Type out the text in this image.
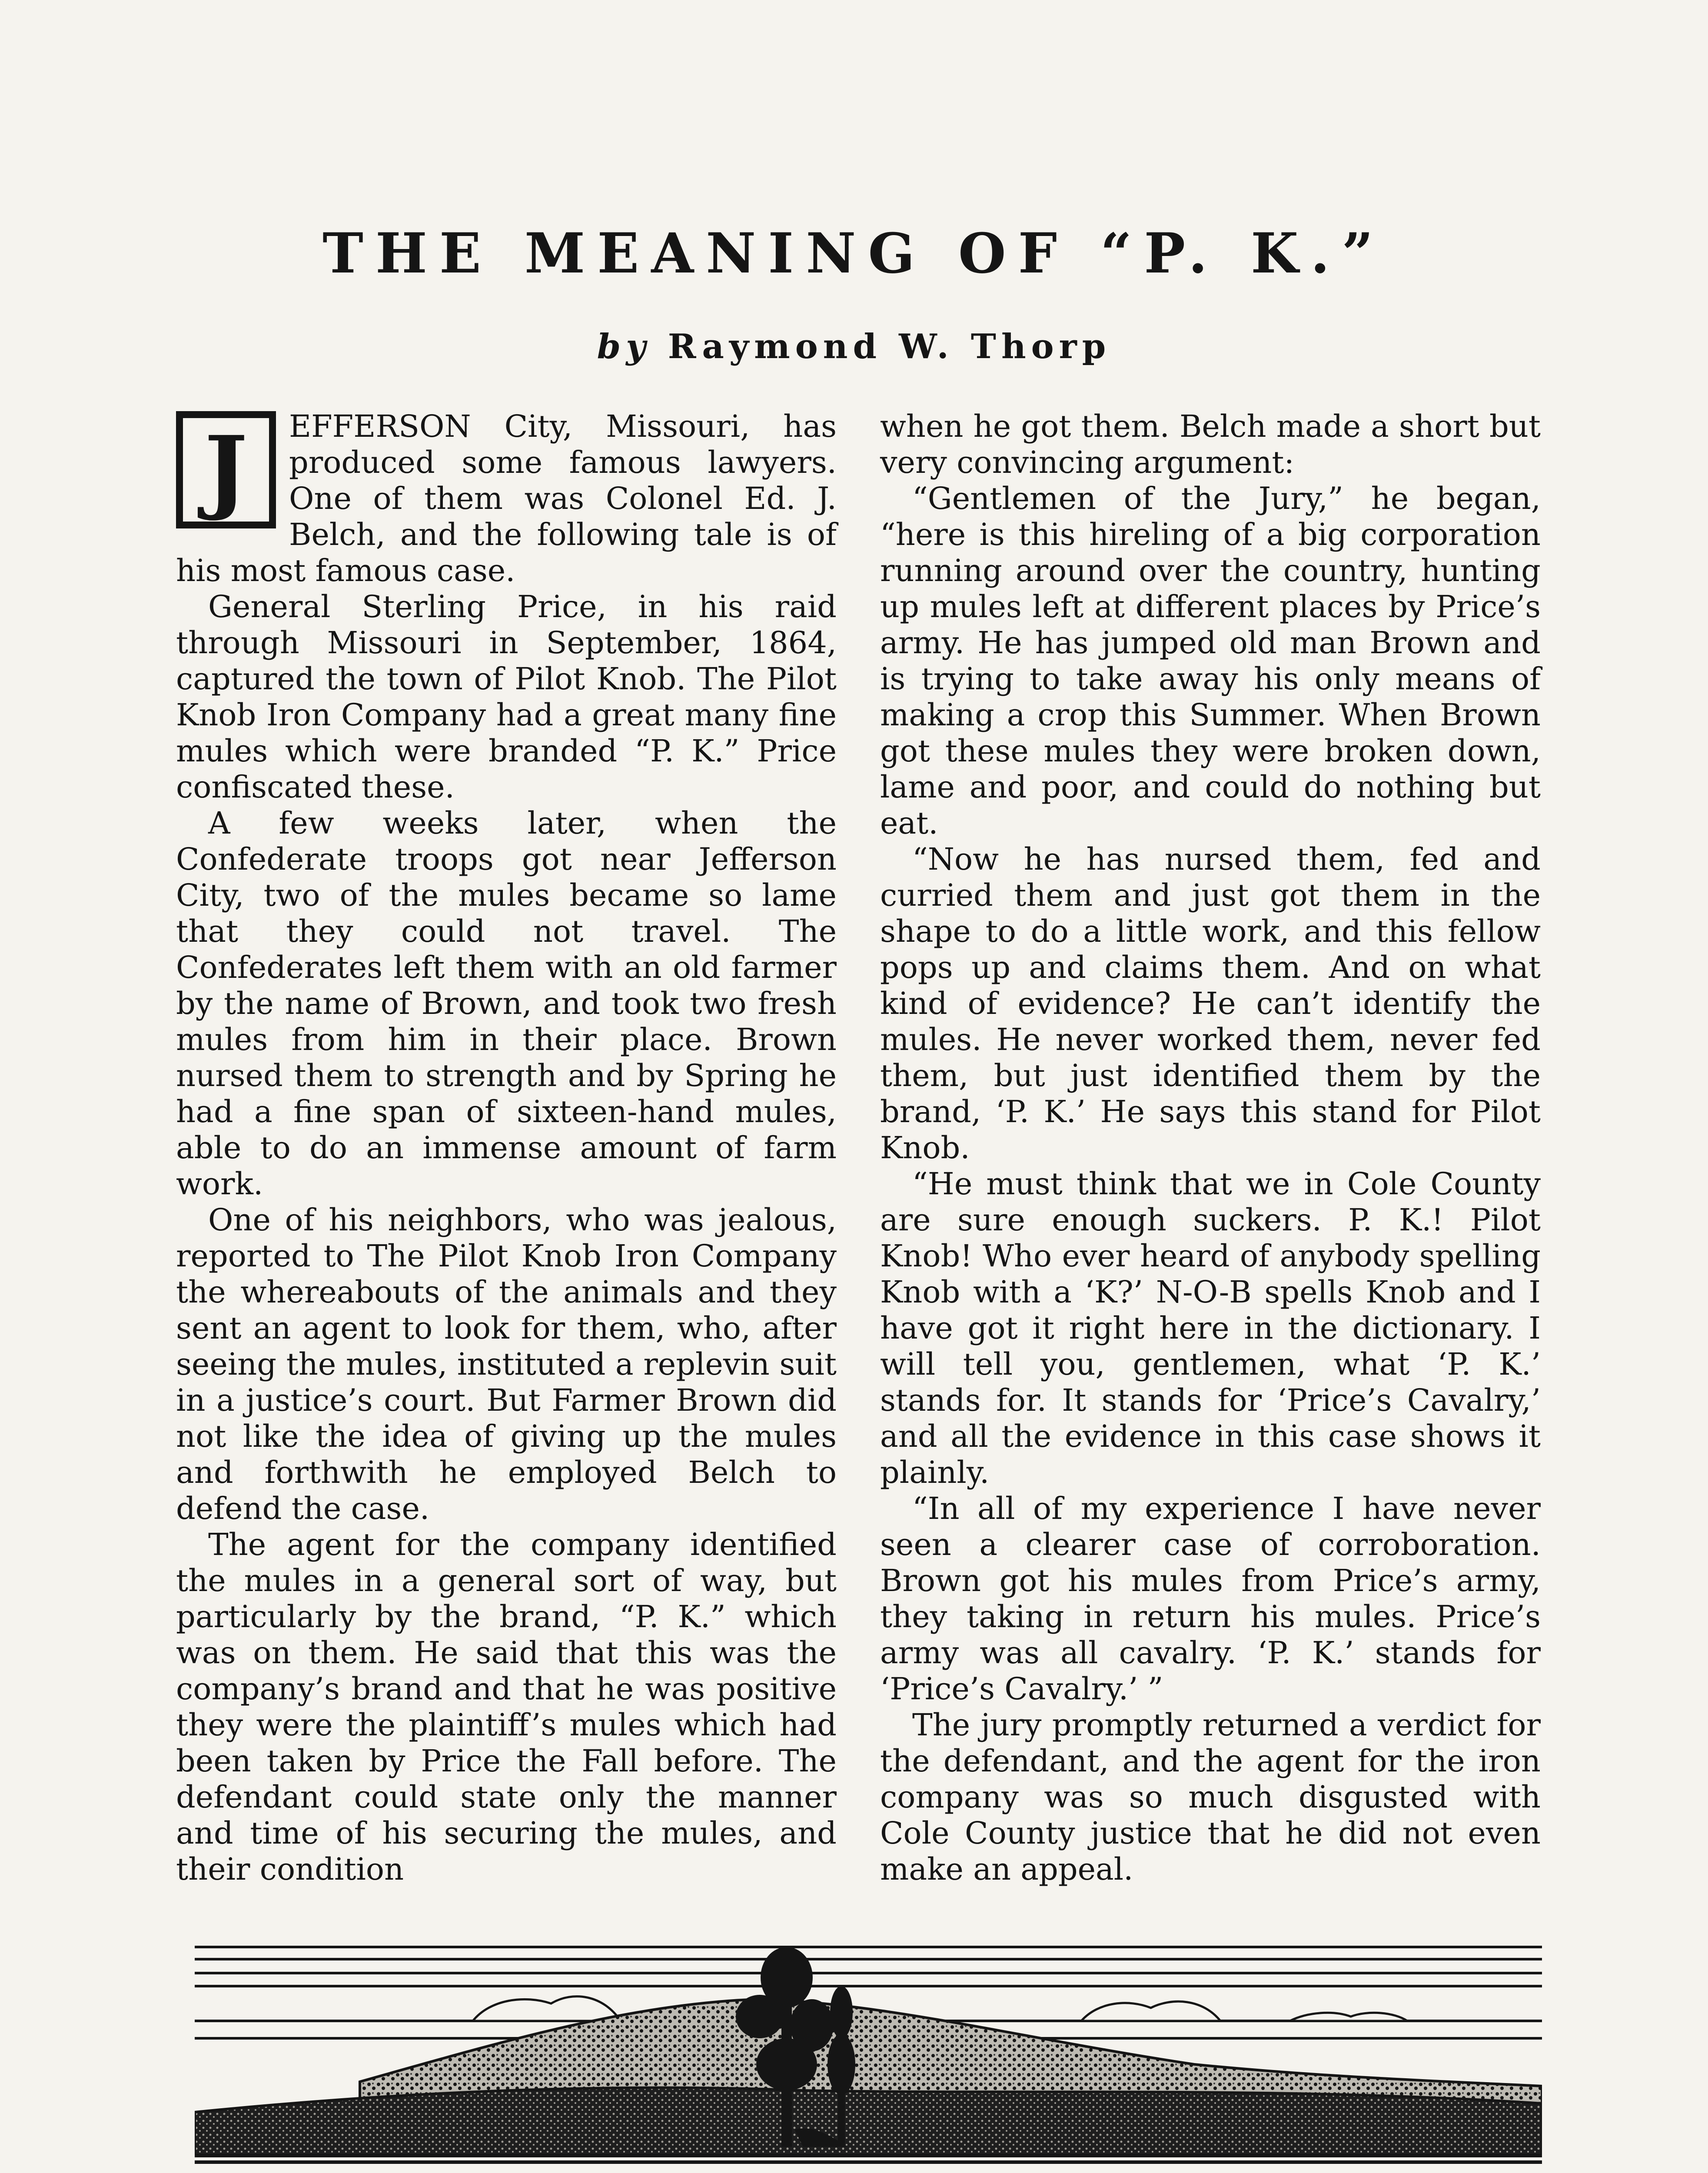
THE MEANING OF “P. K.”
by Raymond W. Thorp
J	EFFERSON City, Missouri, has produced some famous lawyers. One of them was Colonel Ed. J. Belch, and the following tale is of his most famous case.

General Sterling Price, in his raid through Missouri in September, 1864, captured the town of Pilot Knob. The Pilot Knob Iron Company had a great many fine mules which were branded “P. K.” Price confiscated these.

A few weeks later, when the Confederate troops got near Jefferson City, two of the mules became so lame that they could not travel. The Confederates left them with an old farmer by the name of Brown, and took two fresh mules from him in their place. Brown nursed them to strength and by Spring he had a fine span of sixteen-hand mules, able to do an immense amount of farm work.

One of his neighbors, who was jealous, reported to The Pilot Knob Iron Company the whereabouts of the animals and they sent an agent to look for them, who, after seeing the mules, instituted a replevin suit in a justice’s court. But Farmer Brown did not like the idea of giving up the mules and forthwith he employed Belch to defend the case.

The agent for the company identified the mules in a general sort of way, but particularly by the brand, “P. K.” which was on them. He said that this was the company’s brand and that he was positive they were the plaintiff’s mules which had been taken by Price the Fall before. The defendant could state only the manner and time of his securing the mules, and their condition

when he got them. Belch made a short but very convincing argument:

“Gentlemen of the Jury,” he began, “here is this hireling of a big corporation running around over the country, hunting up mules left at different places by Price’s army. He has jumped old man Brown and is trying to take away his only means of making a crop this Summer. When Brown got these mules they were broken down, lame and poor, and could do nothing but eat.

“Now he has nursed them, fed and curried them and just got them in the shape to do a little work, and this fellow pops up and claims them. And on what kind of evidence? He can’t identify the mules. He never worked them, never fed them, but just identified them by the brand, ‘P. K.’ He says this stand for Pilot Knob.

“He must think that we in Cole County are sure enough suckers. P. K.! Pilot Knob! Who ever heard of anybody spelling Knob with a ‘K?’ N-O-B spells Knob and I have got it right here in the dictionary. I will tell you, gentlemen, what ‘P. K.’ stands for. It stands for ‘Price’s Cavalry,’ and all the evidence in this case shows it plainly.

“In all of my experience I have never seen a clearer case of corroboration. Brown got his mules from Price’s army, they taking in return his mules. Price’s army was all cavalry. ‘P. K.’ stands for ‘Price’s Cavalry.’ ”

The jury promptly returned a verdict for the defendant, and the agent for the iron company was so much disgusted with Cole County justice that he did not even make an appeal.
